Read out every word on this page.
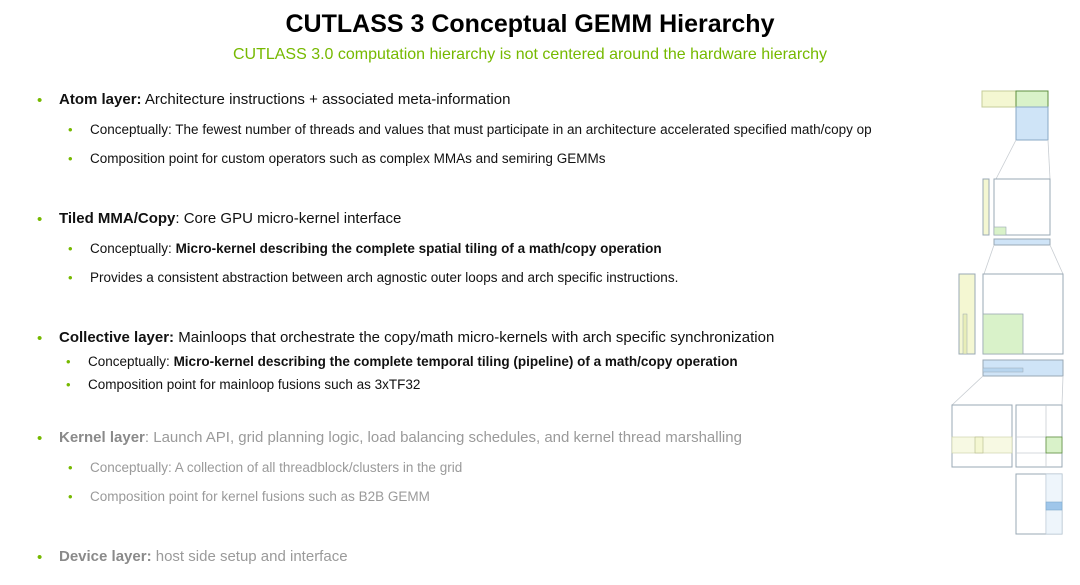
CUTLASS 3 Conceptual GEMM Hierarchy
CUTLASS 3.0 computation hierarchy is not centered around the hardware hierarchy
• Atom layer: Architecture instructions + associated meta-information
• Conceptually: The fewest number of threads and values that must participate in an architecture accelerated specified math/copy op
• Composition point for custom operators such as complex MMAs and semiring GEMMs
• Tiled MMA/Copy: Core GPU micro-kernel interface
• Conceptually: Micro-kernel describing the complete spatial tiling of a math/copy operation
• Provides a consistent abstraction between arch agnostic outer loops and arch specific instructions.
• Collective layer: Mainloops that orchestrate the copy/math micro-kernels with arch specific synchronization
• Conceptually: Micro-kernel describing the complete temporal tiling (pipeline) of a math/copy operation
• Composition point for mainloop fusions such as 3xTF32
• Kernel layer: Launch API, grid planning logic, load balancing schedules, and kernel thread marshalling
• Conceptually: A collection of all threadblock/clusters in the grid
• Composition point for kernel fusions such as B2B GEMM
• Device layer: host side setup and interface
